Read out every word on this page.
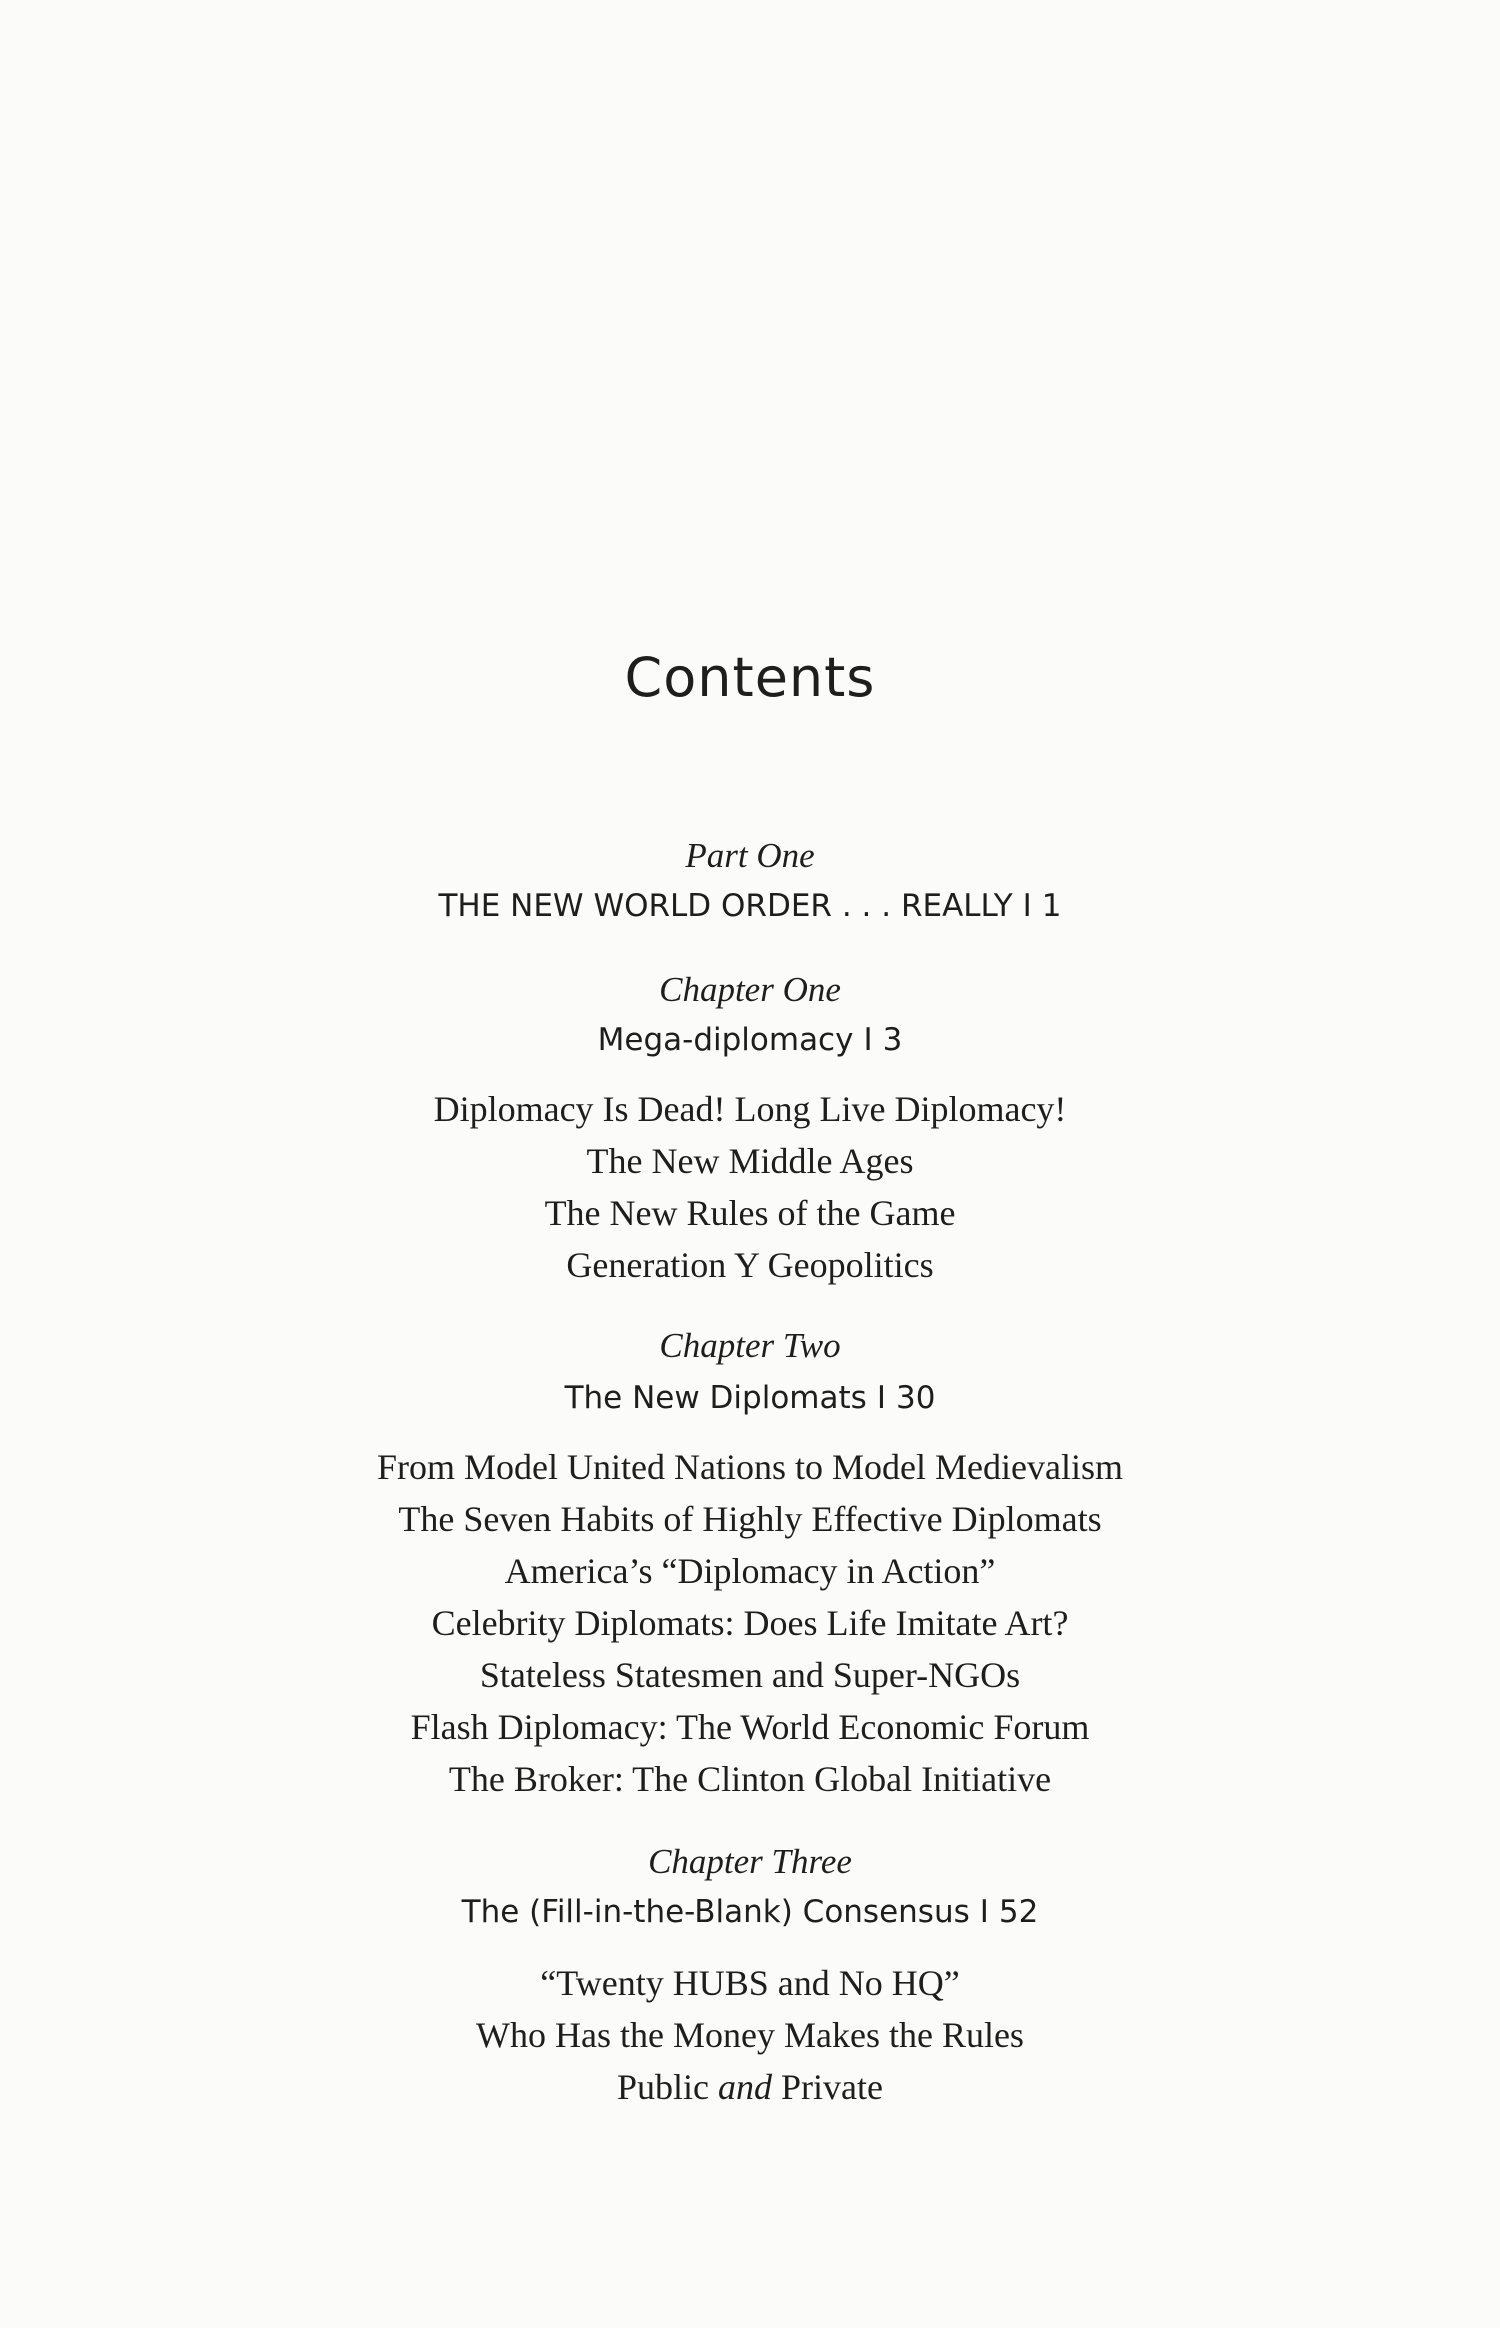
Contents
Part One
THE NEW WORLD ORDER . . . REALLY I 1
Chapter One
Mega-diplomacy I 3
Diplomacy Is Dead! Long Live Diplomacy!
The New Middle Ages
The New Rules of the Game
Generation Y Geopolitics
Chapter Two
The New Diplomats I 30
From Model United Nations to Model Medievalism
The Seven Habits of Highly Effective Diplomats
America’s “Diplomacy in Action”
Celebrity Diplomats: Does Life Imitate Art?
Stateless Statesmen and Super-NGOs
Flash Diplomacy: The World Economic Forum
The Broker: The Clinton Global Initiative
Chapter Three
The (Fill-in-the-Blank) Consensus I 52
“Twenty HUBS and No HQ”
Who Has the Money Makes the Rules
Public and Private
